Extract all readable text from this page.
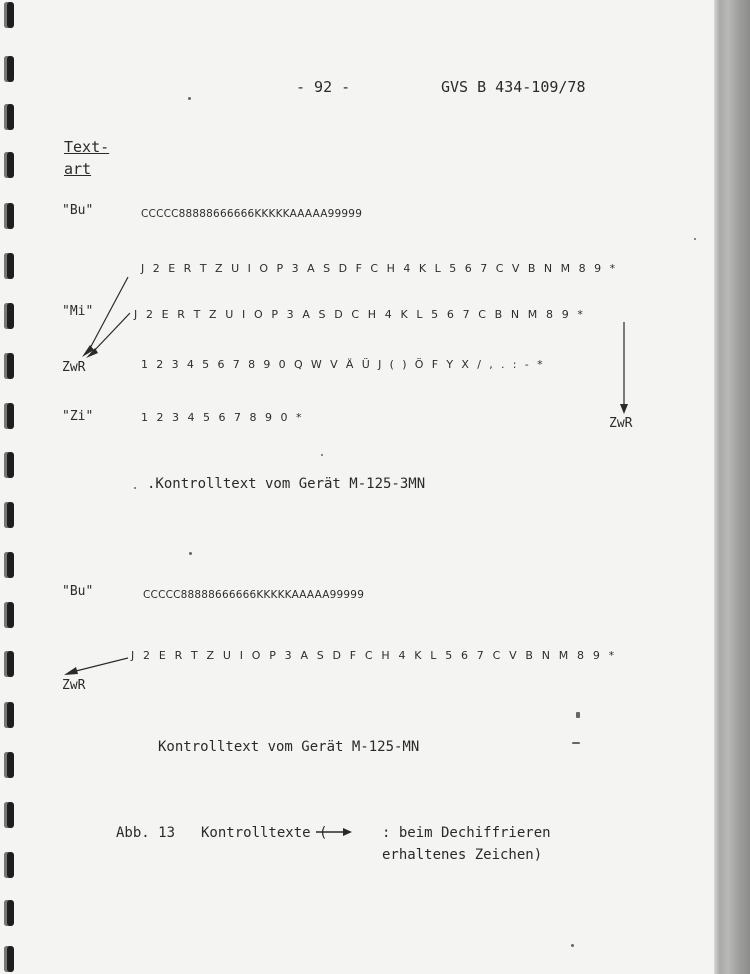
- 92 -	GVS B 434-109/78
Text-
art
"Bu"	CCCCC88888666666KKKKKAAAAA99999
J 2 E R T Z U I O P 3 A S D F C H 4 K L 5 6 7 C V B N M 8 9 *
"Mi"	J 2 E R T Z U I O P 3 A S D C H 4 K L 5 6 7 C B N M 8 9 *
ZwR	1 2 3 4 5 6 7 8 9 0 Q W V Ä Ü J ( ) Ö F Y X / , . : - *
"Zi"	1 2 3 4 5 6 7 8 9 0 *	ZwR
.Kontrolltext vom Gerät M-125-3MN
"Bu"	CCCCC88888666666KKKKKAAAAA99999
J 2 E R T Z U I O P 3 A S D F C H 4 K L 5 6 7 C V B N M 8 9 *
ZwR
Kontrolltext vom Gerät M-125-MN
Abb. 13 Kontrolltexte (	: beim Dechiffrieren
erhaltenes Zeichen)
